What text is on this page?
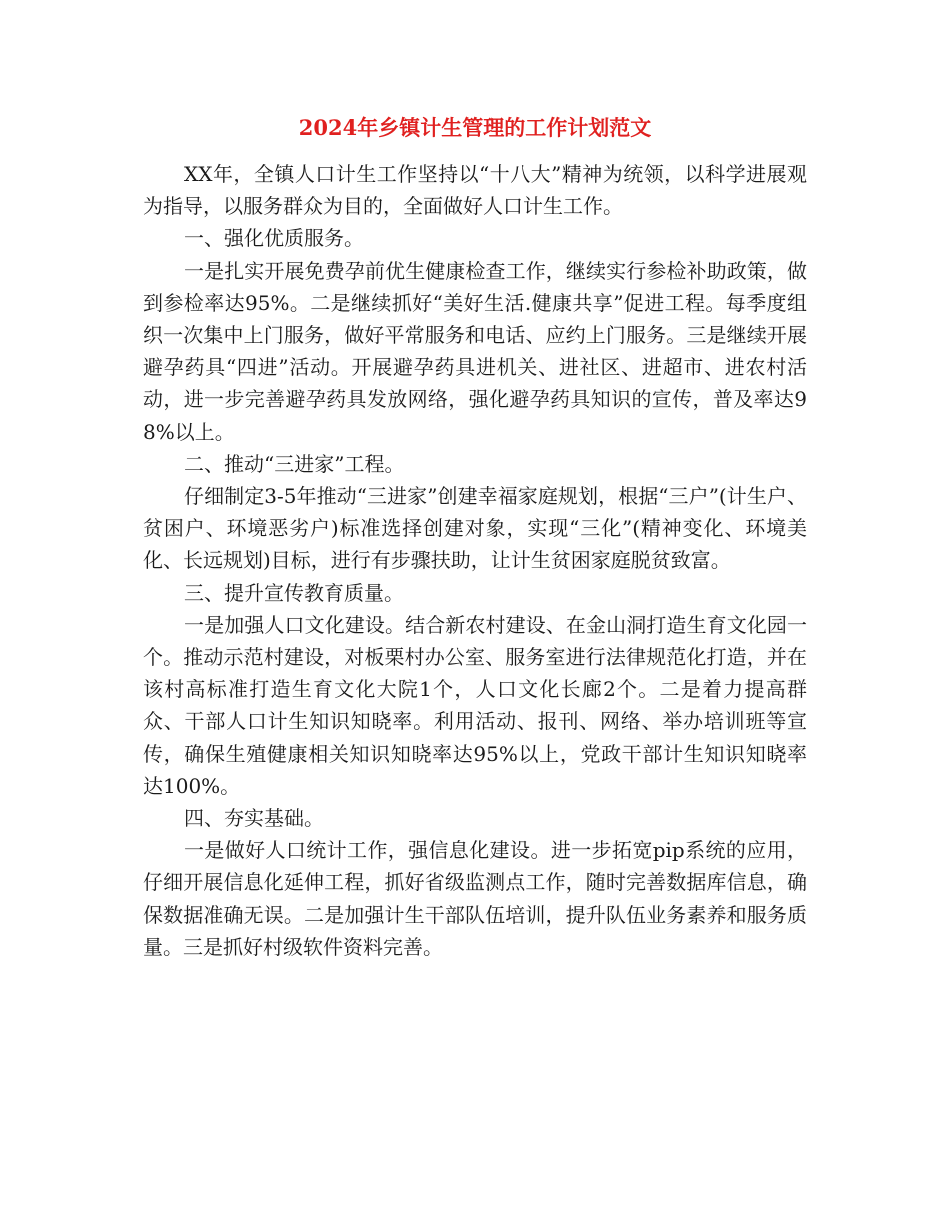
2024年乡镇计生管理的工作计划范文

XX年，全镇人口计生工作坚持以“十八大”精神为统领，以科学进展观为指导，以服务群众为目的，全面做好人口计生工作。

一、强化优质服务。

一是扎实开展免费孕前优生健康检查工作，继续实行参检补助政策，做到参检率达95%。二是继续抓好“美好生活.健康共享”促进工程。每季度组织一次集中上门服务，做好平常服务和电话、应约上门服务。三是继续开展避孕药具“四进”活动。开展避孕药具进机关、进社区、进超市、进农村活动，进一步完善避孕药具发放网络，强化避孕药具知识的宣传，普及率达98%以上。

二、推动“三进家”工程。

仔细制定3-5年推动“三进家”创建幸福家庭规划，根据“三户”(计生户、贫困户、环境恶劣户)标准选择创建对象，实现“三化”(精神变化、环境美化、长远规划)目标，进行有步骤扶助，让计生贫困家庭脱贫致富。

三、提升宣传教育质量。

一是加强人口文化建设。结合新农村建设、在金山洞打造生育文化园一个。推动示范村建设，对板栗村办公室、服务室进行法律规范化打造，并在该村高标准打造生育文化大院1个，人口文化长廊2个。二是着力提高群众、干部人口计生知识知晓率。利用活动、报刊、网络、举办培训班等宣传，确保生殖健康相关知识知晓率达95%以上，党政干部计生知识知晓率达100%。

四、夯实基础。

一是做好人口统计工作，强信息化建设。进一步拓宽pip系统的应用，仔细开展信息化延伸工程，抓好省级监测点工作，随时完善数据库信息，确保数据准确无误。二是加强计生干部队伍培训，提升队伍业务素养和服务质量。三是抓好村级软件资料完善。
